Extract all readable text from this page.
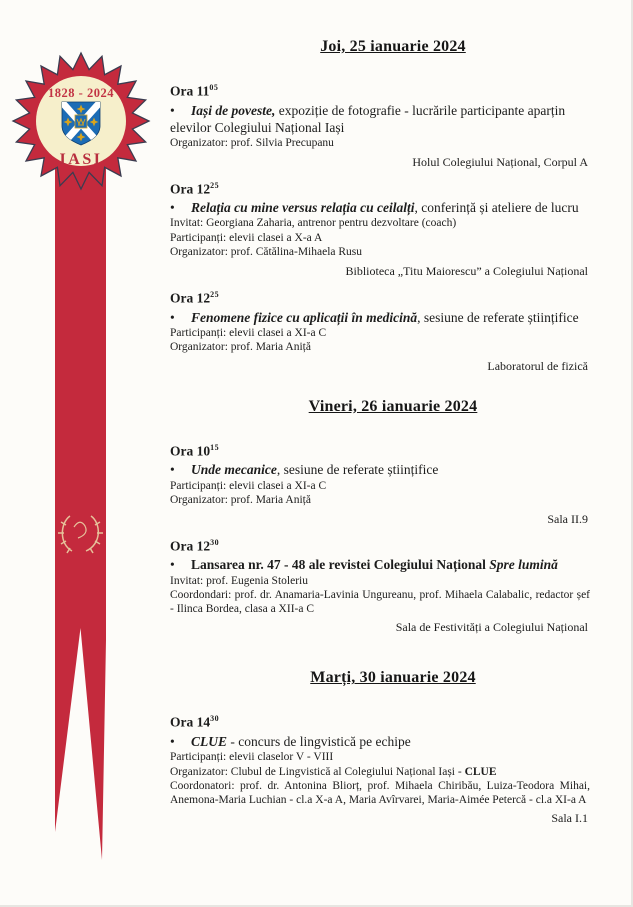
1828 - 2024
IASI
Joi, 25 ianuarie 2024

Ora $11^{05}$

• Iași de poveste, expoziție de fotografie - lucrările participante aparțin elevilor Colegiului Național Iași

Organizator: prof. Silvia Precupanu

Holul Colegiului Național, Corpul A

Ora $12^{25}$

• Relația cu mine versus relația cu ceilalți, conferință și ateliere de lucru

Invitat: Georgiana Zaharia, antrenor pentru dezvoltare (coach)

Participanți: elevii clasei a X-a A

Organizator: prof. Cătălina-Mihaela Rusu

Biblioteca „Titu Maiorescu” a Colegiului Național

Ora $12^{25}$

• Fenomene fizice cu aplicații în medicină, sesiune de referate științifice

Participanți: elevii clasei a XI-a C

Organizator: prof. Maria Aniță

Laboratorul de fizică

Vineri, 26 ianuarie 2024

Ora $10^{15}$

• Unde mecanice, sesiune de referate științifice

Participanți: elevii clasei a XI-a C

Organizator: prof. Maria Aniță

Sala II.9

Ora $12^{30}$

• Lansarea nr. 47 - 48 ale revistei Colegiului Național Spre lumină

Invitat: prof. Eugenia Stoleriu

Coordondari: prof. dr. Anamaria-Lavinia Ungureanu, prof. Mihaela Calabalic, redactor șef - Ilinca Bordea, clasa a XII-a C

Sala de Festivități a Colegiului Național

Marți, 30 ianuarie 2024

Ora $14^{30}$

• CLUE - concurs de lingvistică pe echipe

Participanți: elevii claselor V - VIII

Organizator: Clubul de Lingvistică al Colegiului Național Iași - CLUE

Coordonatori: prof. dr. Antonina Bliorț, prof. Mihaela Chiribău, Luiza-Teodora Mihai, Anemona-Maria Luchian - cl.a X-a A, Maria Avîrvarei, Maria-Aimée Petercă - cl.a XI-a A

Sala I.1
